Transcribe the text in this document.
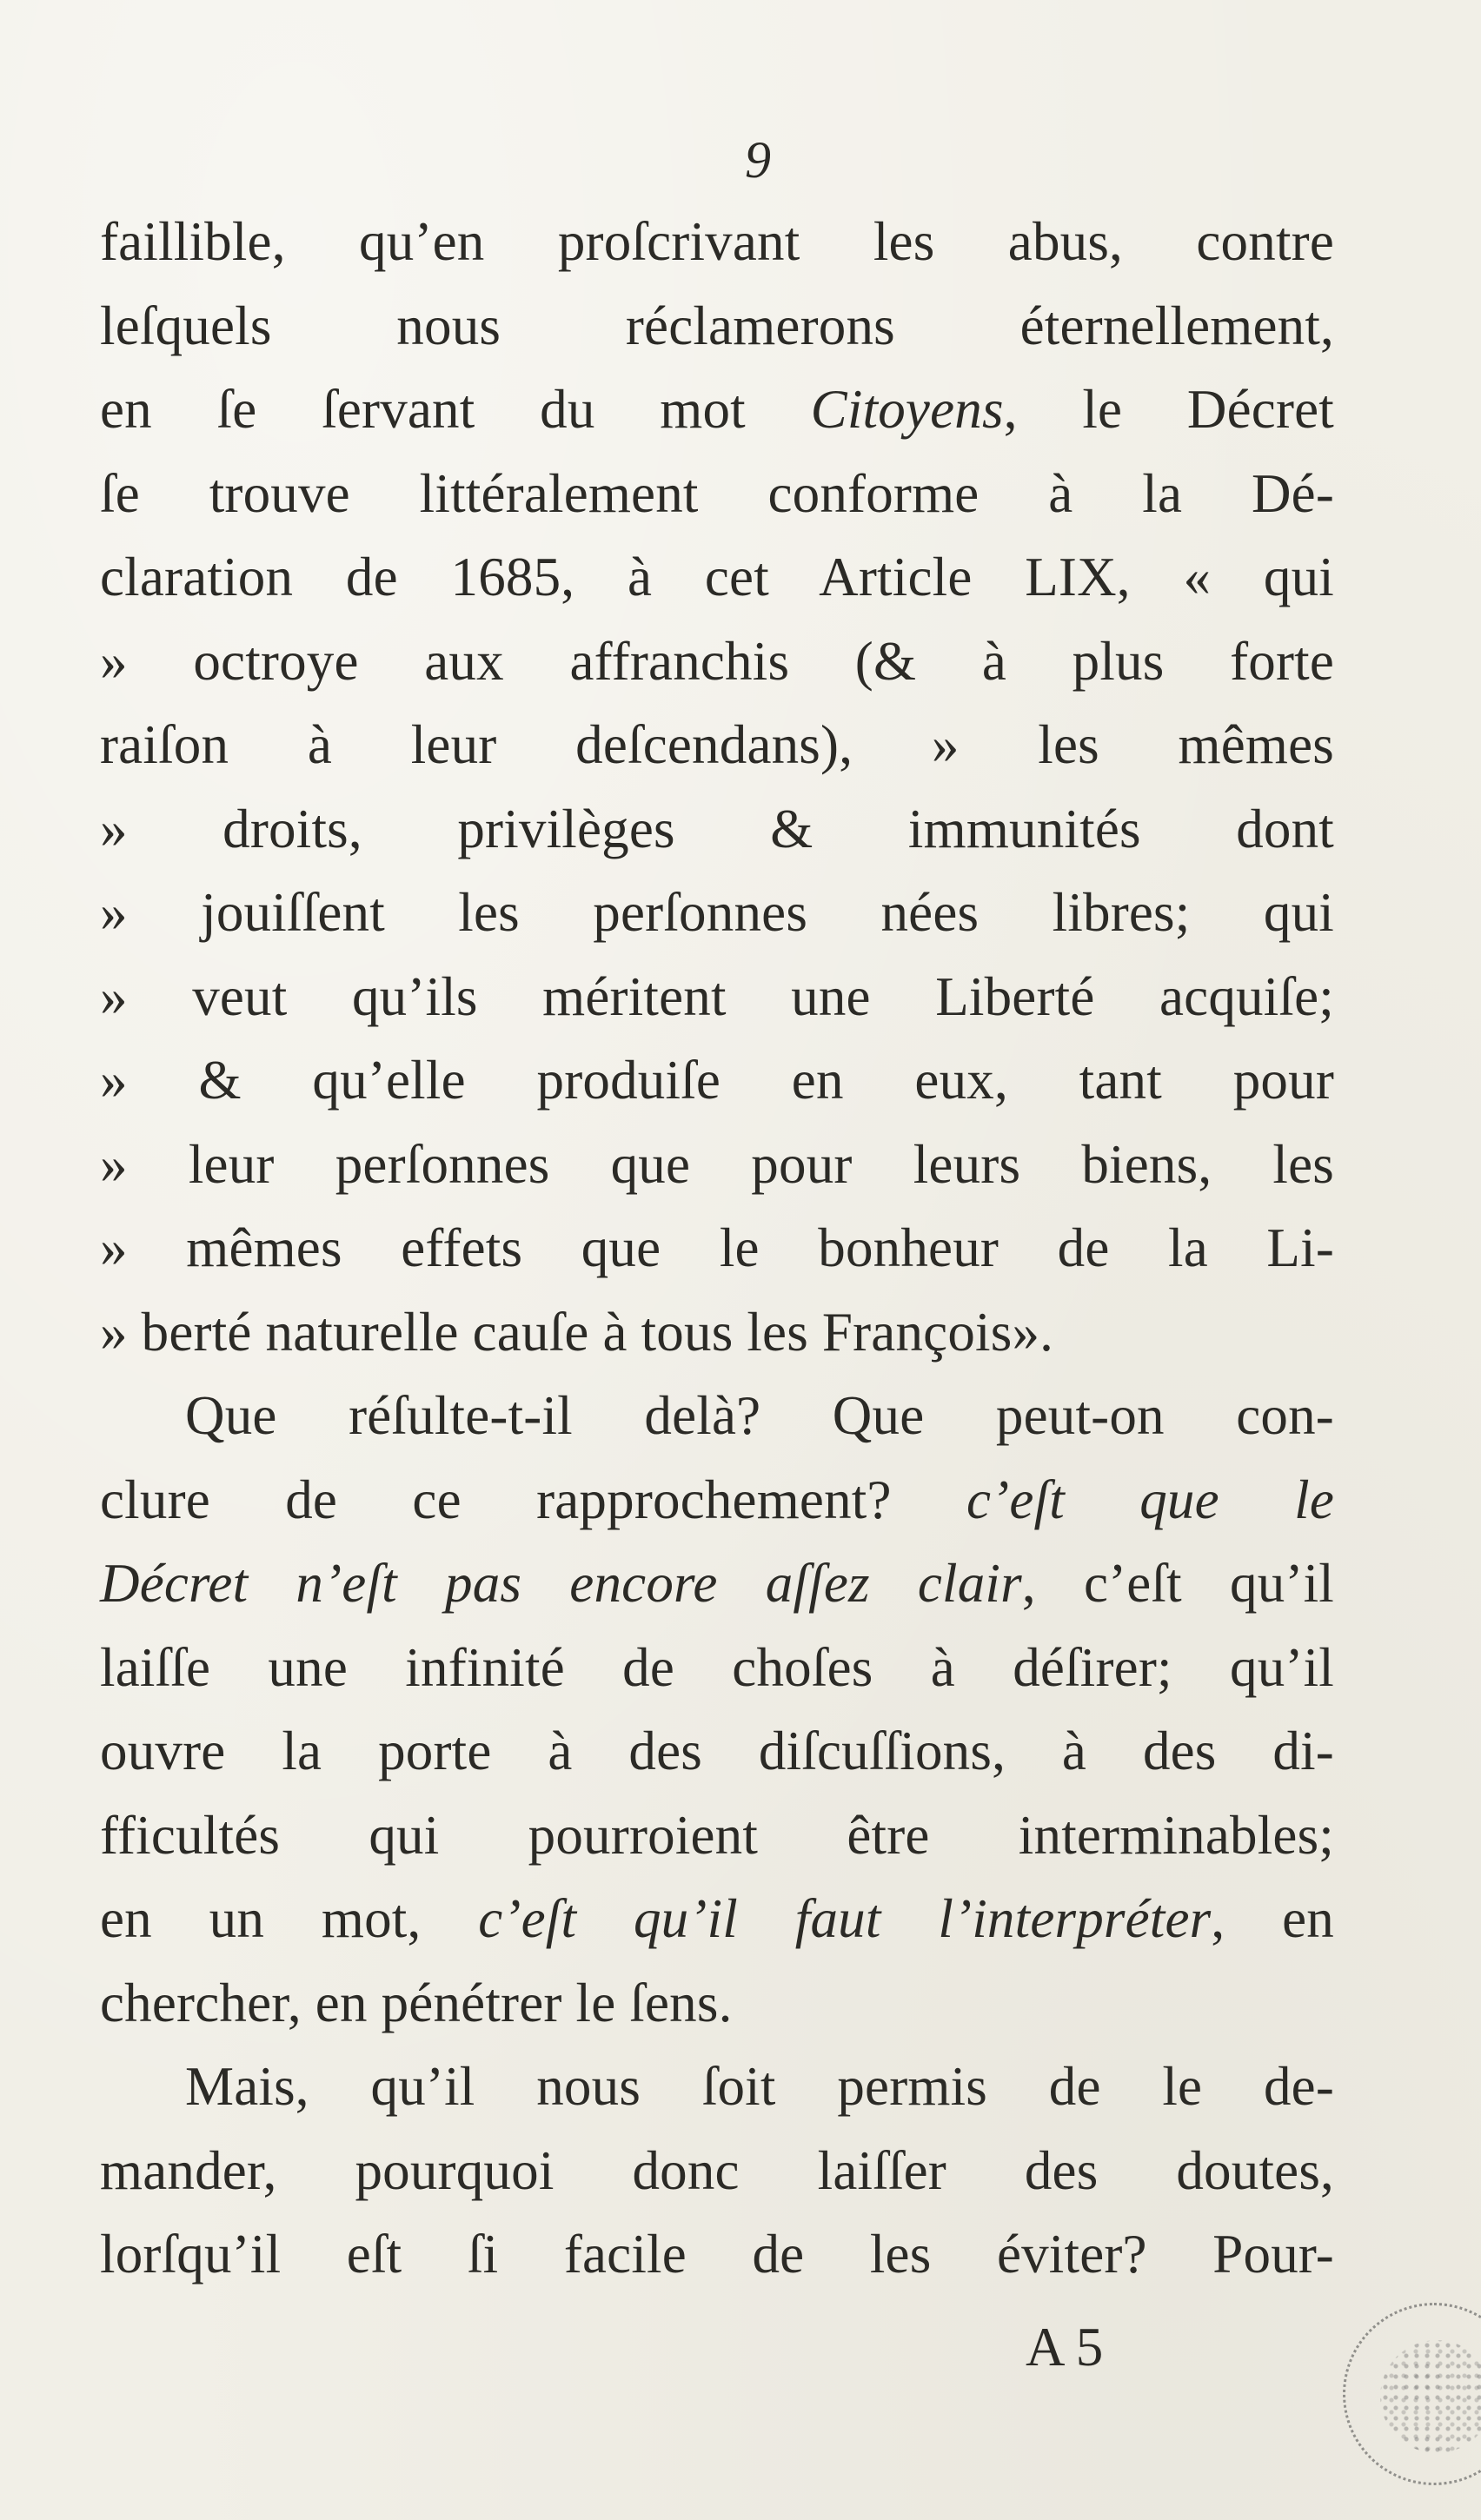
9
faillible, qu’en proſcrivant les abus, contre
leſquels nous réclamerons éternellement,
en ſe ſervant du mot Citoyens, le Décret
ſe trouve littéralement conforme à la Dé-
claration de 1685, à cet Article LIX, « qui
» octroye aux affranchis (& à plus forte
raiſon à leur deſcendans), » les mêmes
» droits, privilèges & immunités dont
» jouiſſent les perſonnes nées libres; qui
» veut qu’ils méritent une Liberté acquiſe;
» & qu’elle produiſe en eux, tant pour
» leur perſonnes que pour leurs biens, les
» mêmes effets que le bonheur de la Li-
» berté naturelle cauſe à tous les François».
Que réſulte-t-il delà? Que peut-on con-
clure de ce rapprochement? c’eſt que le
Décret n’eſt pas encore aſſez clair, c’eſt qu’il
laiſſe une infinité de choſes à déſirer; qu’il
ouvre la porte à des diſcuſſions, à des di-
fficultés qui pourroient être interminables;
en un mot, c’eſt qu’il faut l’interpréter, en
chercher, en pénétrer le ſens.
Mais, qu’il nous ſoit permis de le de-
mander, pourquoi donc laiſſer des doutes,
lorſqu’il eſt ſi facile de les éviter? Pour-
A 5
